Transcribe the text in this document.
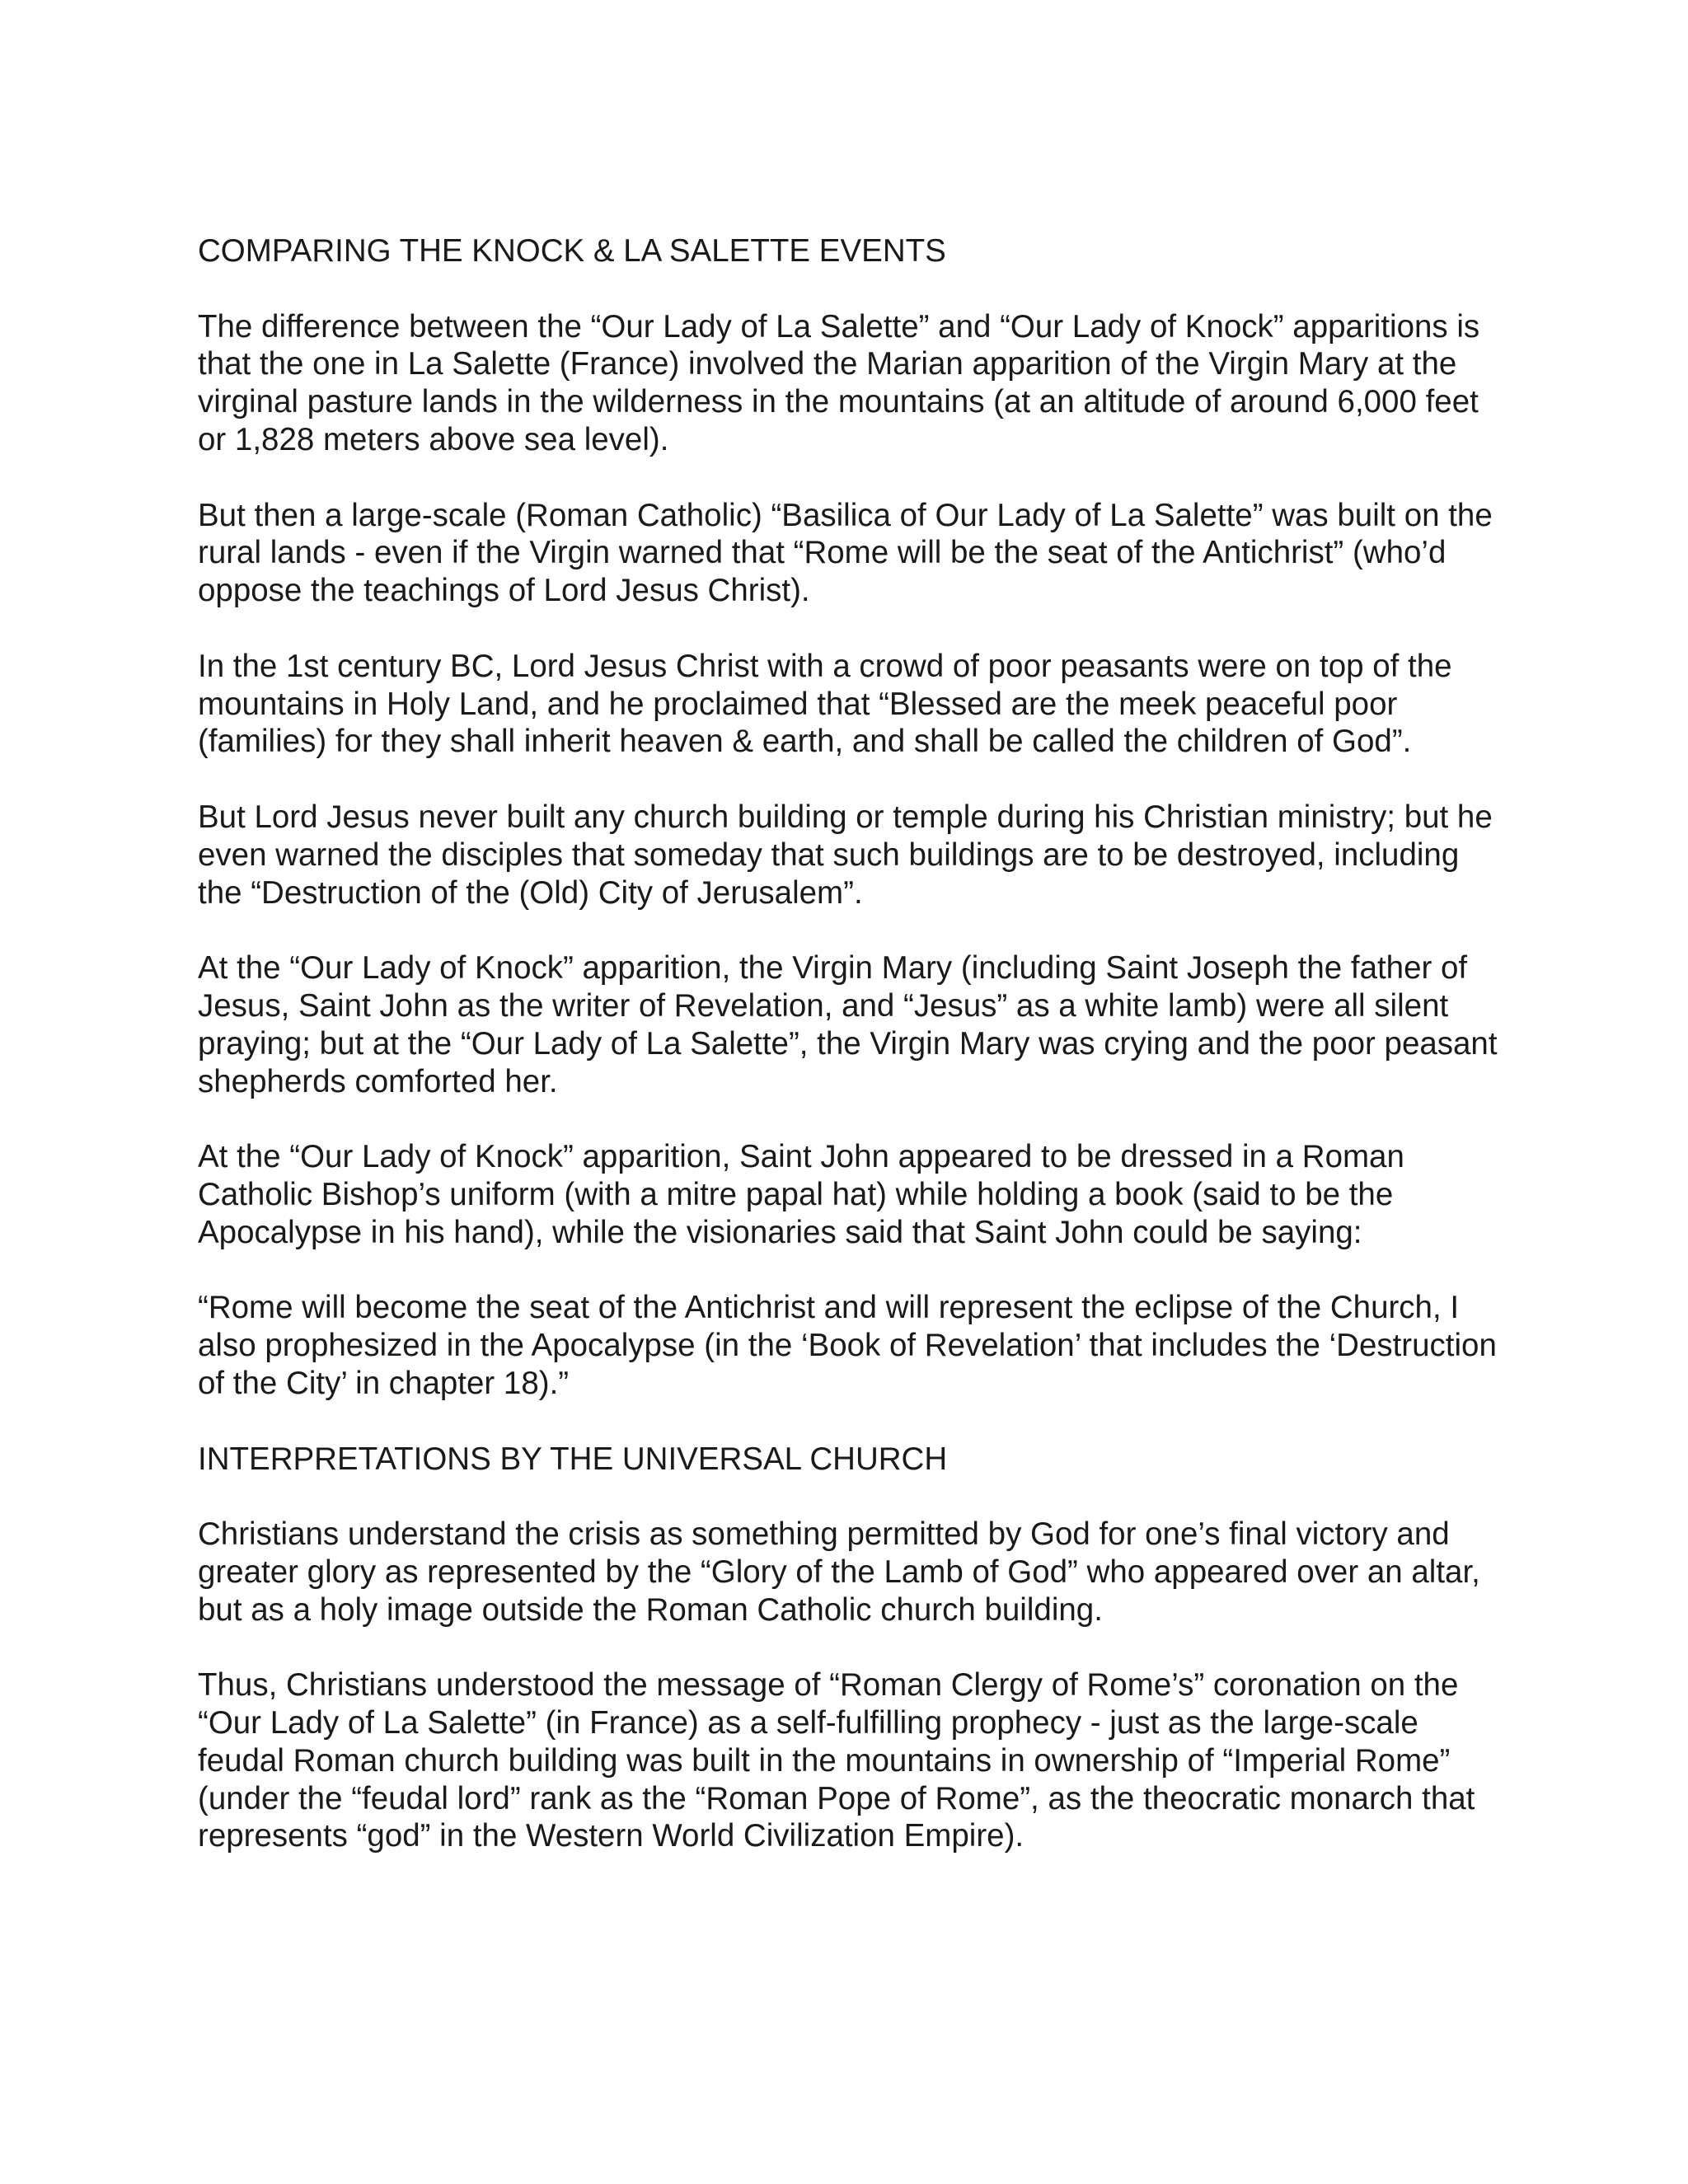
COMPARING THE KNOCK & LA SALETTE EVENTS

The difference between the “Our Lady of La Salette” and “Our Lady of Knock” apparitions is that the one in La Salette (France) involved the Marian apparition of the Virgin Mary at the virginal pasture lands in the wilderness in the mountains (at an altitude of around 6,000 feet or 1,828 meters above sea level).

But then a large-scale (Roman Catholic) “Basilica of Our Lady of La Salette” was built on the rural lands - even if the Virgin warned that “Rome will be the seat of the Antichrist” (who’d oppose the teachings of Lord Jesus Christ).

In the 1st century BC, Lord Jesus Christ with a crowd of poor peasants were on top of the mountains in Holy Land, and he proclaimed that “Blessed are the meek peaceful poor (families) for they shall inherit heaven & earth, and shall be called the children of God”.

But Lord Jesus never built any church building or temple during his Christian ministry; but he even warned the disciples that someday that such buildings are to be destroyed, including the “Destruction of the (Old) City of Jerusalem”.

At the “Our Lady of Knock” apparition, the Virgin Mary (including Saint Joseph the father of Jesus, Saint John as the writer of Revelation, and “Jesus” as a white lamb) were all silent praying; but at the “Our Lady of La Salette”, the Virgin Mary was crying and the poor peasant shepherds comforted her.

At the “Our Lady of Knock” apparition, Saint John appeared to be dressed in a Roman Catholic Bishop’s uniform (with a mitre papal hat) while holding a book (said to be the Apocalypse in his hand), while the visionaries said that Saint John could be saying:

“Rome will become the seat of the Antichrist and will represent the eclipse of the Church, I also prophesized in the Apocalypse (in the ‘Book of Revelation’ that includes the ‘Destruction of the City’ in chapter 18).”

INTERPRETATIONS BY THE UNIVERSAL CHURCH

Christians understand the crisis as something permitted by God for one’s final victory and greater glory as represented by the “Glory of the Lamb of God” who appeared over an altar, but as a holy image outside the Roman Catholic church building.

Thus, Christians understood the message of “Roman Clergy of Rome’s” coronation on the “Our Lady of La Salette” (in France) as a self-fulfilling prophecy - just as the large-scale feudal Roman church building was built in the mountains in ownership of “Imperial Rome” (under the “feudal lord” rank as the “Roman Pope of Rome”, as the theocratic monarch that represents “god” in the Western World Civilization Empire).
